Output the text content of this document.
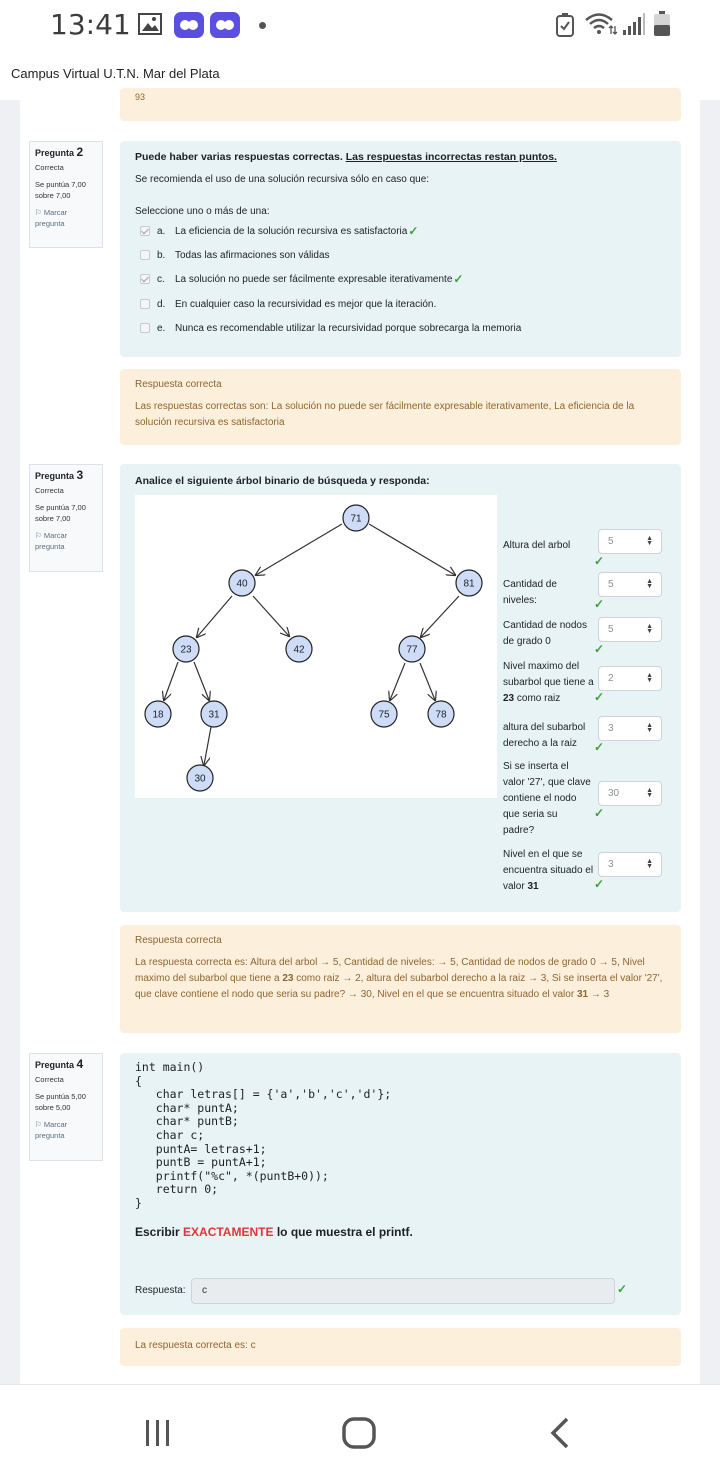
13:41
Campus Virtual U.T.N. Mar del Plata
93
Pregunta 2
Correcta
Se puntúa 7,00 sobre 7,00
⚐ Marcar pregunta
Puede haber varias respuestas correctas. Las respuestas incorrectas restan puntos.
Se recomienda el uso de una solución recursiva sólo en caso que:
Seleccione uno o más de una:
a. La eficiencia de la solución recursiva es satisfactoria ✓
b. Todas las afirmaciones son válidas
c.	La solución no puede ser fácilmente expresable iterativamente ✓
d. En cualquier caso la recursividad es mejor que la iteración.
e. Nunca es recomendable utilizar la recursividad porque sobrecarga la memoria
Respuesta correcta
Las respuestas correctas son: La solución no puede ser fácilmente expresable iterativamente, La eficiencia de la solución recursiva es satisfactoria
Pregunta 3
Correcta
Se puntúa 7,00 sobre 7,00
⚐ Marcar pregunta
Analice el siguiente árbol binario de búsqueda y responda:
71
40	81
23	42	77
18	31	75	78
30
Altura del arbol	5	▲
▼
✓
Cantidad de niveles:
5	▲
▼
✓
Cantidad de nodos de grado 0
5	▲
▼
✓
Nivel maximo del subarbol que tiene a 23 como raiz
2	▲
▼
✓
altura del subarbol derecho a la raiz
3	▲
▼
✓
Si se inserta el valor '27', que clave contiene el nodo que seria su padre?
30	▲
▼
✓
Nivel en el que se encuentra situado el valor 31
3	▲
▼
✓
Respuesta correcta
La respuesta correcta es: Altura del arbol → 5, Cantidad de niveles: → 5, Cantidad de nodos de grado 0 → 5, Nivel maximo del subarbol que tiene a 23 como raiz → 2, altura del subarbol derecho a la raiz → 3, Si se inserta el valor '27', que clave contiene el nodo que seria su padre? → 30, Nivel en el que se encuentra situado el valor 31 → 3
Pregunta 4
Correcta
Se puntúa 5,00 sobre 5,00
⚐ Marcar pregunta
int main()
{
char letras[] = {'a','b','c','d'};
char* puntA;
char* puntB;
char c;
puntA= letras+1;
puntB = puntA+1;
printf("%c", *(puntB+0));
return 0;
}
Escribir EXACTAMENTE lo que muestra el printf.
Respuesta:	c	✓
La respuesta correcta es: c
